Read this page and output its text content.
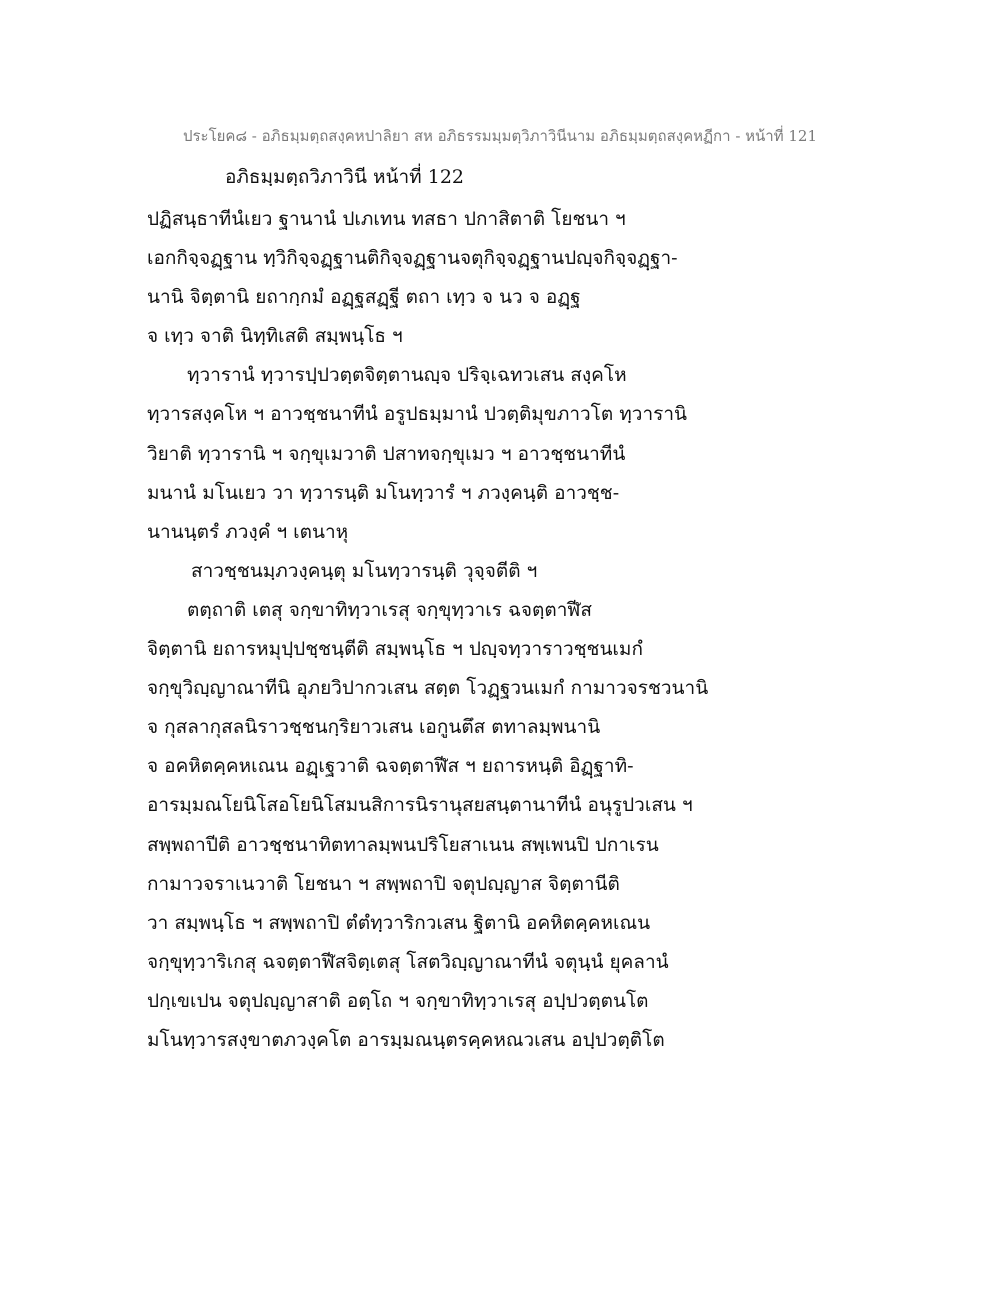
ประโยค๘ - อภิธมฺมตฺถสงฺคหปาลิยา สห อภิธรรมมฺมตฺวิภาวินีนาม อภิธมฺมตฺถสงฺคหฏีกา - หน้าที่ 121
อภิธมฺมตฺถวิภาวินี หน้าที่ 122
ปฏิสนฺธาทีนํเยว ฐานานํ ปเภเทน ทสธา ปกาสิตาติ โยชนา ฯ
เอกกิจฺจฏฺฐาน ทฺวิกิจฺจฏฺฐานติกิจฺจฏฺฐานจตุกิจฺจฏฺฐานปญฺจกิจฺจฏฺฐา-
นานิ จิตฺตานิ ยถากฺกมํ อฏฺฐสฏฺฐี ตถา เทฺว จ นว จ อฏฺฐ
จ เทฺว จาติ นิทฺทิเสติ สมฺพนฺโธ ฯ
ทฺวารานํ ทฺวารปฺปวตฺตจิตฺตานญฺจ ปริจฺเฉทวเสน สงฺคโห
ทฺวารสงฺคโห ฯ อาวชฺชนาทีนํ อรูปธมฺมานํ ปวตฺติมุขภาวโต ทฺวารานิ
วิยาติ ทฺวารานิ ฯ จกฺขุเมวาติ ปสาทจกฺขุเมว ฯ อาวชฺชนาทีนํ
มนานํ มโนเยว วา ทฺวารนฺติ มโนทฺวารํ ฯ ภวงฺคนฺติ อาวชฺช-
นานนฺตรํ ภวงฺคํ ฯ เตนาหุ
สาวชฺชนมฺภวงฺคนฺตุ มโนทฺวารนฺติ วุจฺจตีติ ฯ
ตตฺถาติ เตสุ จกฺขาทิทฺวาเรสุ จกฺขุทฺวาเร ฉจตฺตาฬีส
จิตฺตานิ ยถารหมุปฺปชฺชนฺตีติ สมฺพนฺโธ ฯ ปญฺจทฺวาราวชฺชนเมกํ
จกฺขุวิญฺญาณาทีนิ อุภยวิปากวเสน สตฺต โวฏฺฐวนเมกํ กามาวจรชวนานิ
จ กุสลากุสลนิราวชฺชนกฺริยาวเสน เอกูนตึส ตทาลมฺพนานิ
จ อคหิตคฺคหเณน อฏฺเฐวาติ ฉจตฺตาฬีส ฯ ยถารหนฺติ อิฏฺฐาทิ-
อารมฺมณโยนิโสอโยนิโสมนสิการนิรานุสยสนฺตานาทีนํ อนุรูปวเสน ฯ
สพฺพถาปีติ อาวชฺชนาทิตทาลมฺพนปริโยสาเนน สพฺเพนปิ ปกาเรน
กามาวจราเนวาติ โยชนา ฯ สพฺพถาปิ จตุปญฺญาส จิตฺตานีติ
วา สมฺพนฺโธ ฯ สพฺพถาปิ ตํตํทฺวาริกวเสน ฐิตานิ อคหิตคฺคหเณน
จกฺขุทฺวาริเกสุ ฉจตฺตาฬีสจิตฺเตสุ โสตวิญฺญาณาทีนํ จตุนฺนํ ยุคลานํ
ปกฺเขเปน จตุปญฺญาสาติ อตฺโถ ฯ จกฺขาทิทฺวาเรสุ อปฺปวตฺตนโต
มโนทฺวารสงฺขาตภวงฺคโต อารมฺมณนฺตรคฺคหณวเสน อปฺปวตฺติโต
